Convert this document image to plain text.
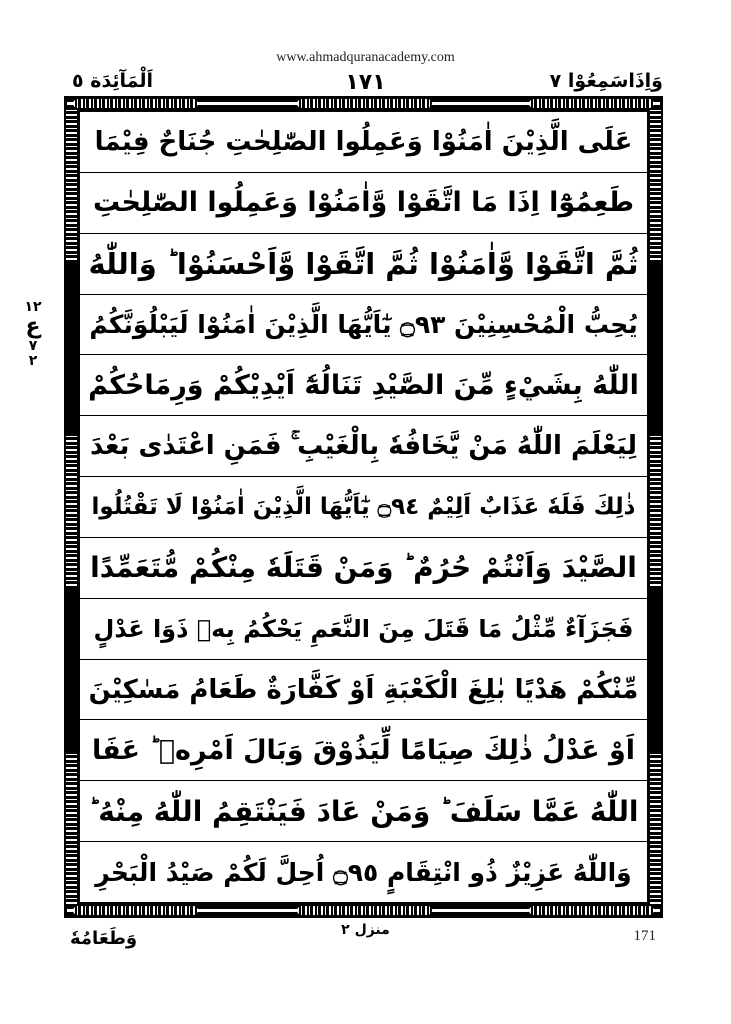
www.ahmadquranacademy.com
وَاِذَاسَمِعُوْا ٧
١٧١
اَلْمَآئِدَة ٥
١٢
ع
٧
٢
عَلَى الَّذِيْنَ اٰمَنُوْا وَعَمِلُوا الصّٰلِحٰتِ جُنَاحٌ فِيْمَا
طَعِمُوْٓا اِذَا مَا اتَّقَوْا وَّاٰمَنُوْا وَعَمِلُوا الصّٰلِحٰتِ
ثُمَّ اتَّقَوْا وَّاٰمَنُوْا ثُمَّ اتَّقَوْا وَّاَحْسَنُوْا ؕ وَاللّٰهُ
يُحِبُّ الْمُحْسِنِيْنَ ۝٩٣ يٰٓاَيُّهَا الَّذِيْنَ اٰمَنُوْا لَيَبْلُوَنَّكُمُ
اللّٰهُ بِشَيْءٍ مِّنَ الصَّيْدِ تَنَالُهٗٓ اَيْدِيْكُمْ وَرِمَاحُكُمْ
لِيَعْلَمَ اللّٰهُ مَنْ يَّخَافُهٗ بِالْغَيْبِ ۚ فَمَنِ اعْتَدٰى بَعْدَ
ذٰلِكَ فَلَهٗ عَذَابٌ اَلِيْمٌ ۝٩٤ يٰٓاَيُّهَا الَّذِيْنَ اٰمَنُوْا لَا تَقْتُلُوا
الصَّيْدَ وَاَنْتُمْ حُرُمٌ ؕ وَمَنْ قَتَلَهٗ مِنْكُمْ مُّتَعَمِّدًا
فَجَزَآءٌ مِّثْلُ مَا قَتَلَ مِنَ النَّعَمِ يَحْكُمُ بِهٖ ذَوَا عَدْلٍ
مِّنْكُمْ هَدْيًا بٰلِغَ الْكَعْبَةِ اَوْ كَفَّارَةٌ طَعَامُ مَسٰكِيْنَ
اَوْ عَدْلُ ذٰلِكَ صِيَامًا لِّيَذُوْقَ وَبَالَ اَمْرِهٖ ؕ عَفَا
اللّٰهُ عَمَّا سَلَفَ ؕ وَمَنْ عَادَ فَيَنْتَقِمُ اللّٰهُ مِنْهُ ؕ
وَاللّٰهُ عَزِيْزٌ ذُو انْتِقَامٍ ۝٩٥ اُحِلَّ لَكُمْ صَيْدُ الْبَحْرِ
وَطَعَامُهٗ	منزل ٢	171
